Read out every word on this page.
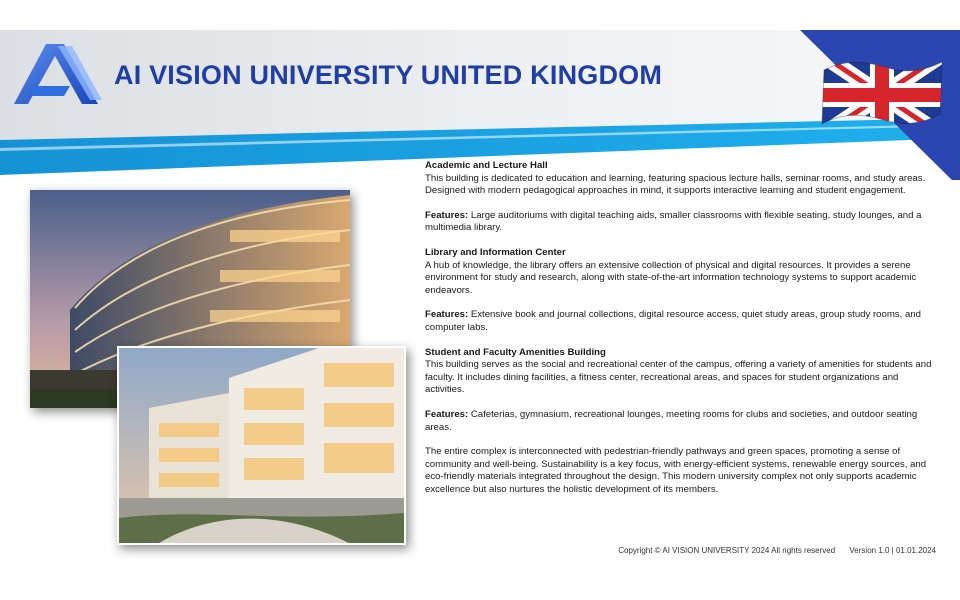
AI VISION UNIVERSITY UNITED KINGDOM

Academic and Lecture Hall
This building is dedicated to education and learning, featuring spacious lecture halls, seminar rooms, and study areas. Designed with modern pedagogical approaches in mind, it supports interactive learning and student engagement.

Features: Large auditoriums with digital teaching aids, smaller classrooms with flexible seating, study lounges, and a multimedia library.

Library and Information Center
A hub of knowledge, the library offers an extensive collection of physical and digital resources. It provides a serene environment for study and research, along with state-of-the-art information technology systems to support academic endeavors.

Features: Extensive book and journal collections, digital resource access, quiet study areas, group study rooms, and computer labs.

Student and Faculty Amenities Building
This building serves as the social and recreational center of the campus, offering a variety of amenities for students and faculty. It includes dining facilities, a fitness center, recreational areas, and spaces for student organizations and activities.

Features: Cafeterias, gymnasium, recreational lounges, meeting rooms for clubs and societies, and outdoor seating areas.

The entire complex is interconnected with pedestrian-friendly pathways and green spaces, promoting a sense of community and well-being. Sustainability is a key focus, with energy-efficient systems, renewable energy sources, and eco-friendly materials integrated throughout the design. This modern university complex not only supports academic excellence but also nurtures the holistic development of its members.

Copyright © AI VISION UNIVERSITY 2024 All rights reserved Version 1.0 | 01.01.2024
